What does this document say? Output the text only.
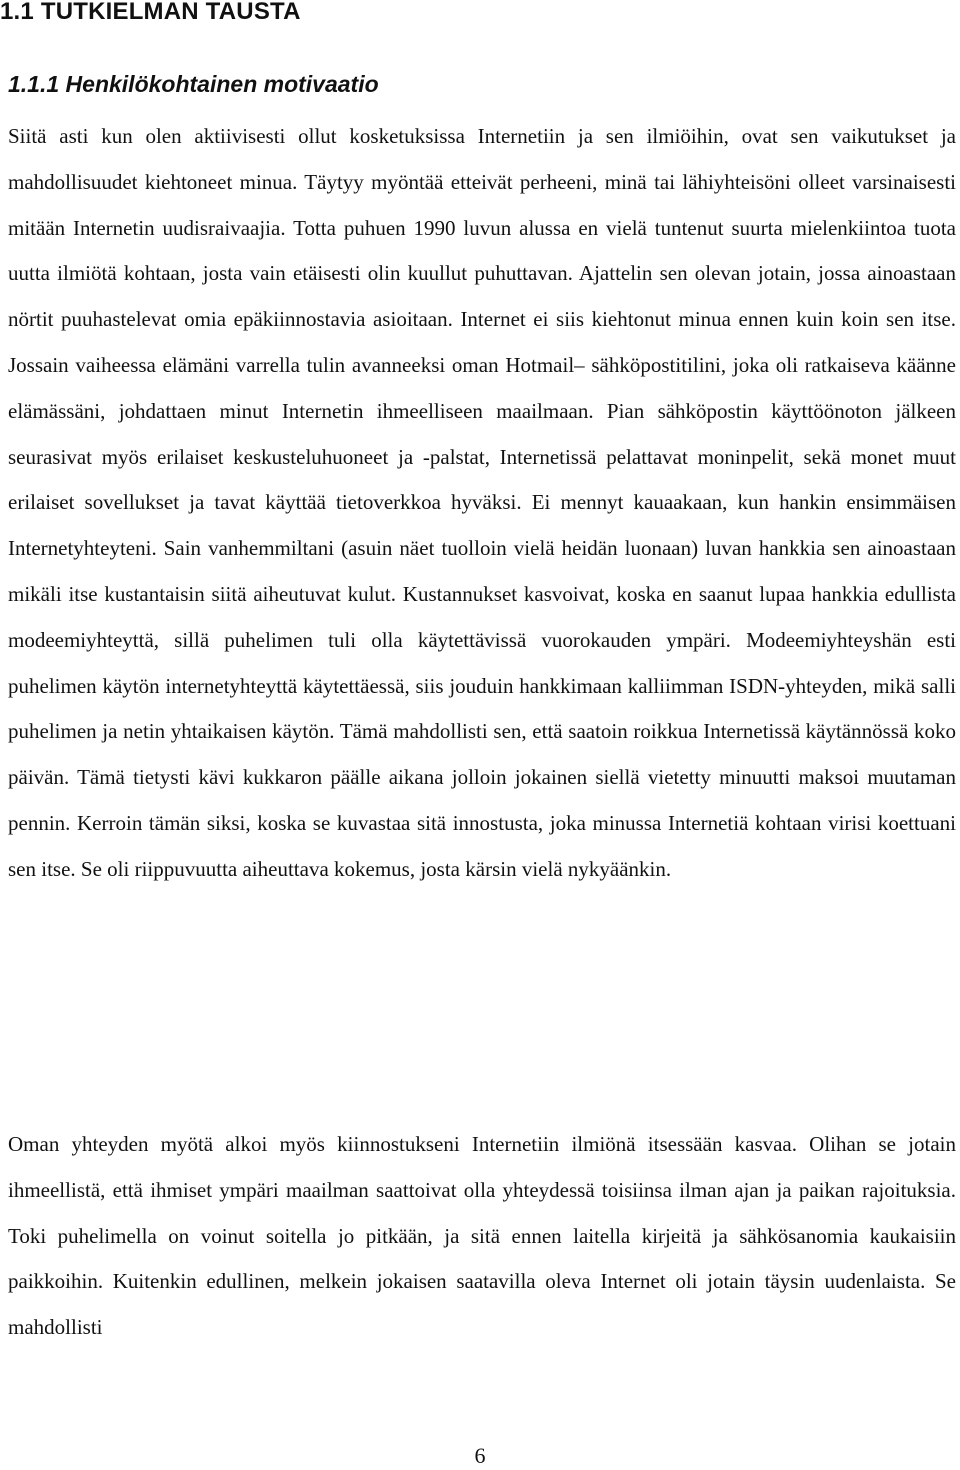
1.1 TUTKIELMAN TAUSTA
1.1.1 Henkilökohtainen motivaatio

Siitä asti kun olen aktiivisesti ollut kosketuksissa Internetiin ja sen ilmiöihin, ovat sen vaikutukset ja mahdollisuudet kiehtoneet minua. Täytyy myöntää etteivät perheeni, minä tai lähiyhteisöni olleet varsinaisesti mitään Internetin uudisraivaajia. Totta puhuen 1990 luvun alussa en vielä tuntenut suurta mielenkiintoa tuota uutta ilmiötä kohtaan, josta vain etäisesti olin kuullut puhuttavan. Ajattelin sen olevan jotain, jossa ainoastaan nörtit puuhastelevat omia epäkiinnostavia asioitaan. Internet ei siis kiehtonut minua ennen kuin koin sen itse. Jossain vaiheessa elämäni varrella tulin avanneeksi oman Hotmail– sähköpostitilini, joka oli ratkaiseva käänne elämässäni, johdattaen minut Internetin ihmeelliseen maailmaan. Pian sähköpostin käyttöönoton jälkeen seurasivat myös erilaiset keskusteluhuoneet ja -palstat, Internetissä pelattavat moninpelit, sekä monet muut erilaiset sovellukset ja tavat käyttää tietoverkkoa hyväksi. Ei mennyt kauaakaan, kun hankin ensimmäisen Internetyhteyteni. Sain vanhemmiltani (asuin näet tuolloin vielä heidän luonaan) luvan hankkia sen ainoastaan mikäli itse kustantaisin siitä aiheutuvat kulut. Kustannukset kasvoivat, koska en saanut lupaa hankkia edullista modeemiyhteyttä, sillä puhelimen tuli olla käytettävissä vuorokauden ympäri. Modeemiyhteyshän esti puhelimen käytön internetyhteyttä käytettäessä, siis jouduin hankkimaan kalliimman ISDN-yhteyden, mikä salli puhelimen ja netin yhtaikaisen käytön. Tämä mahdollisti sen, että saatoin roikkua Internetissä käytännössä koko päivän. Tämä tietysti kävi kukkaron päälle aikana jolloin jokainen siellä vietetty minuutti maksoi muutaman pennin. Kerroin tämän siksi, koska se kuvastaa sitä innostusta, joka minussa Internetiä kohtaan virisi koettuani sen itse. Se oli riippuvuutta aiheuttava kokemus, josta kärsin vielä nykyäänkin.

Oman yhteyden myötä alkoi myös kiinnostukseni Internetiin ilmiönä itsessään kasvaa. Olihan se jotain ihmeellistä, että ihmiset ympäri maailman saattoivat olla yhteydessä toisiinsa ilman ajan ja paikan rajoituksia. Toki puhelimella on voinut soitella jo pitkään, ja sitä ennen laitella kirjeitä ja sähkösanomia kaukaisiin paikkoihin. Kuitenkin edullinen, melkein jokaisen saatavilla oleva Internet oli jotain täysin uudenlaista. Se mahdollisti

6
